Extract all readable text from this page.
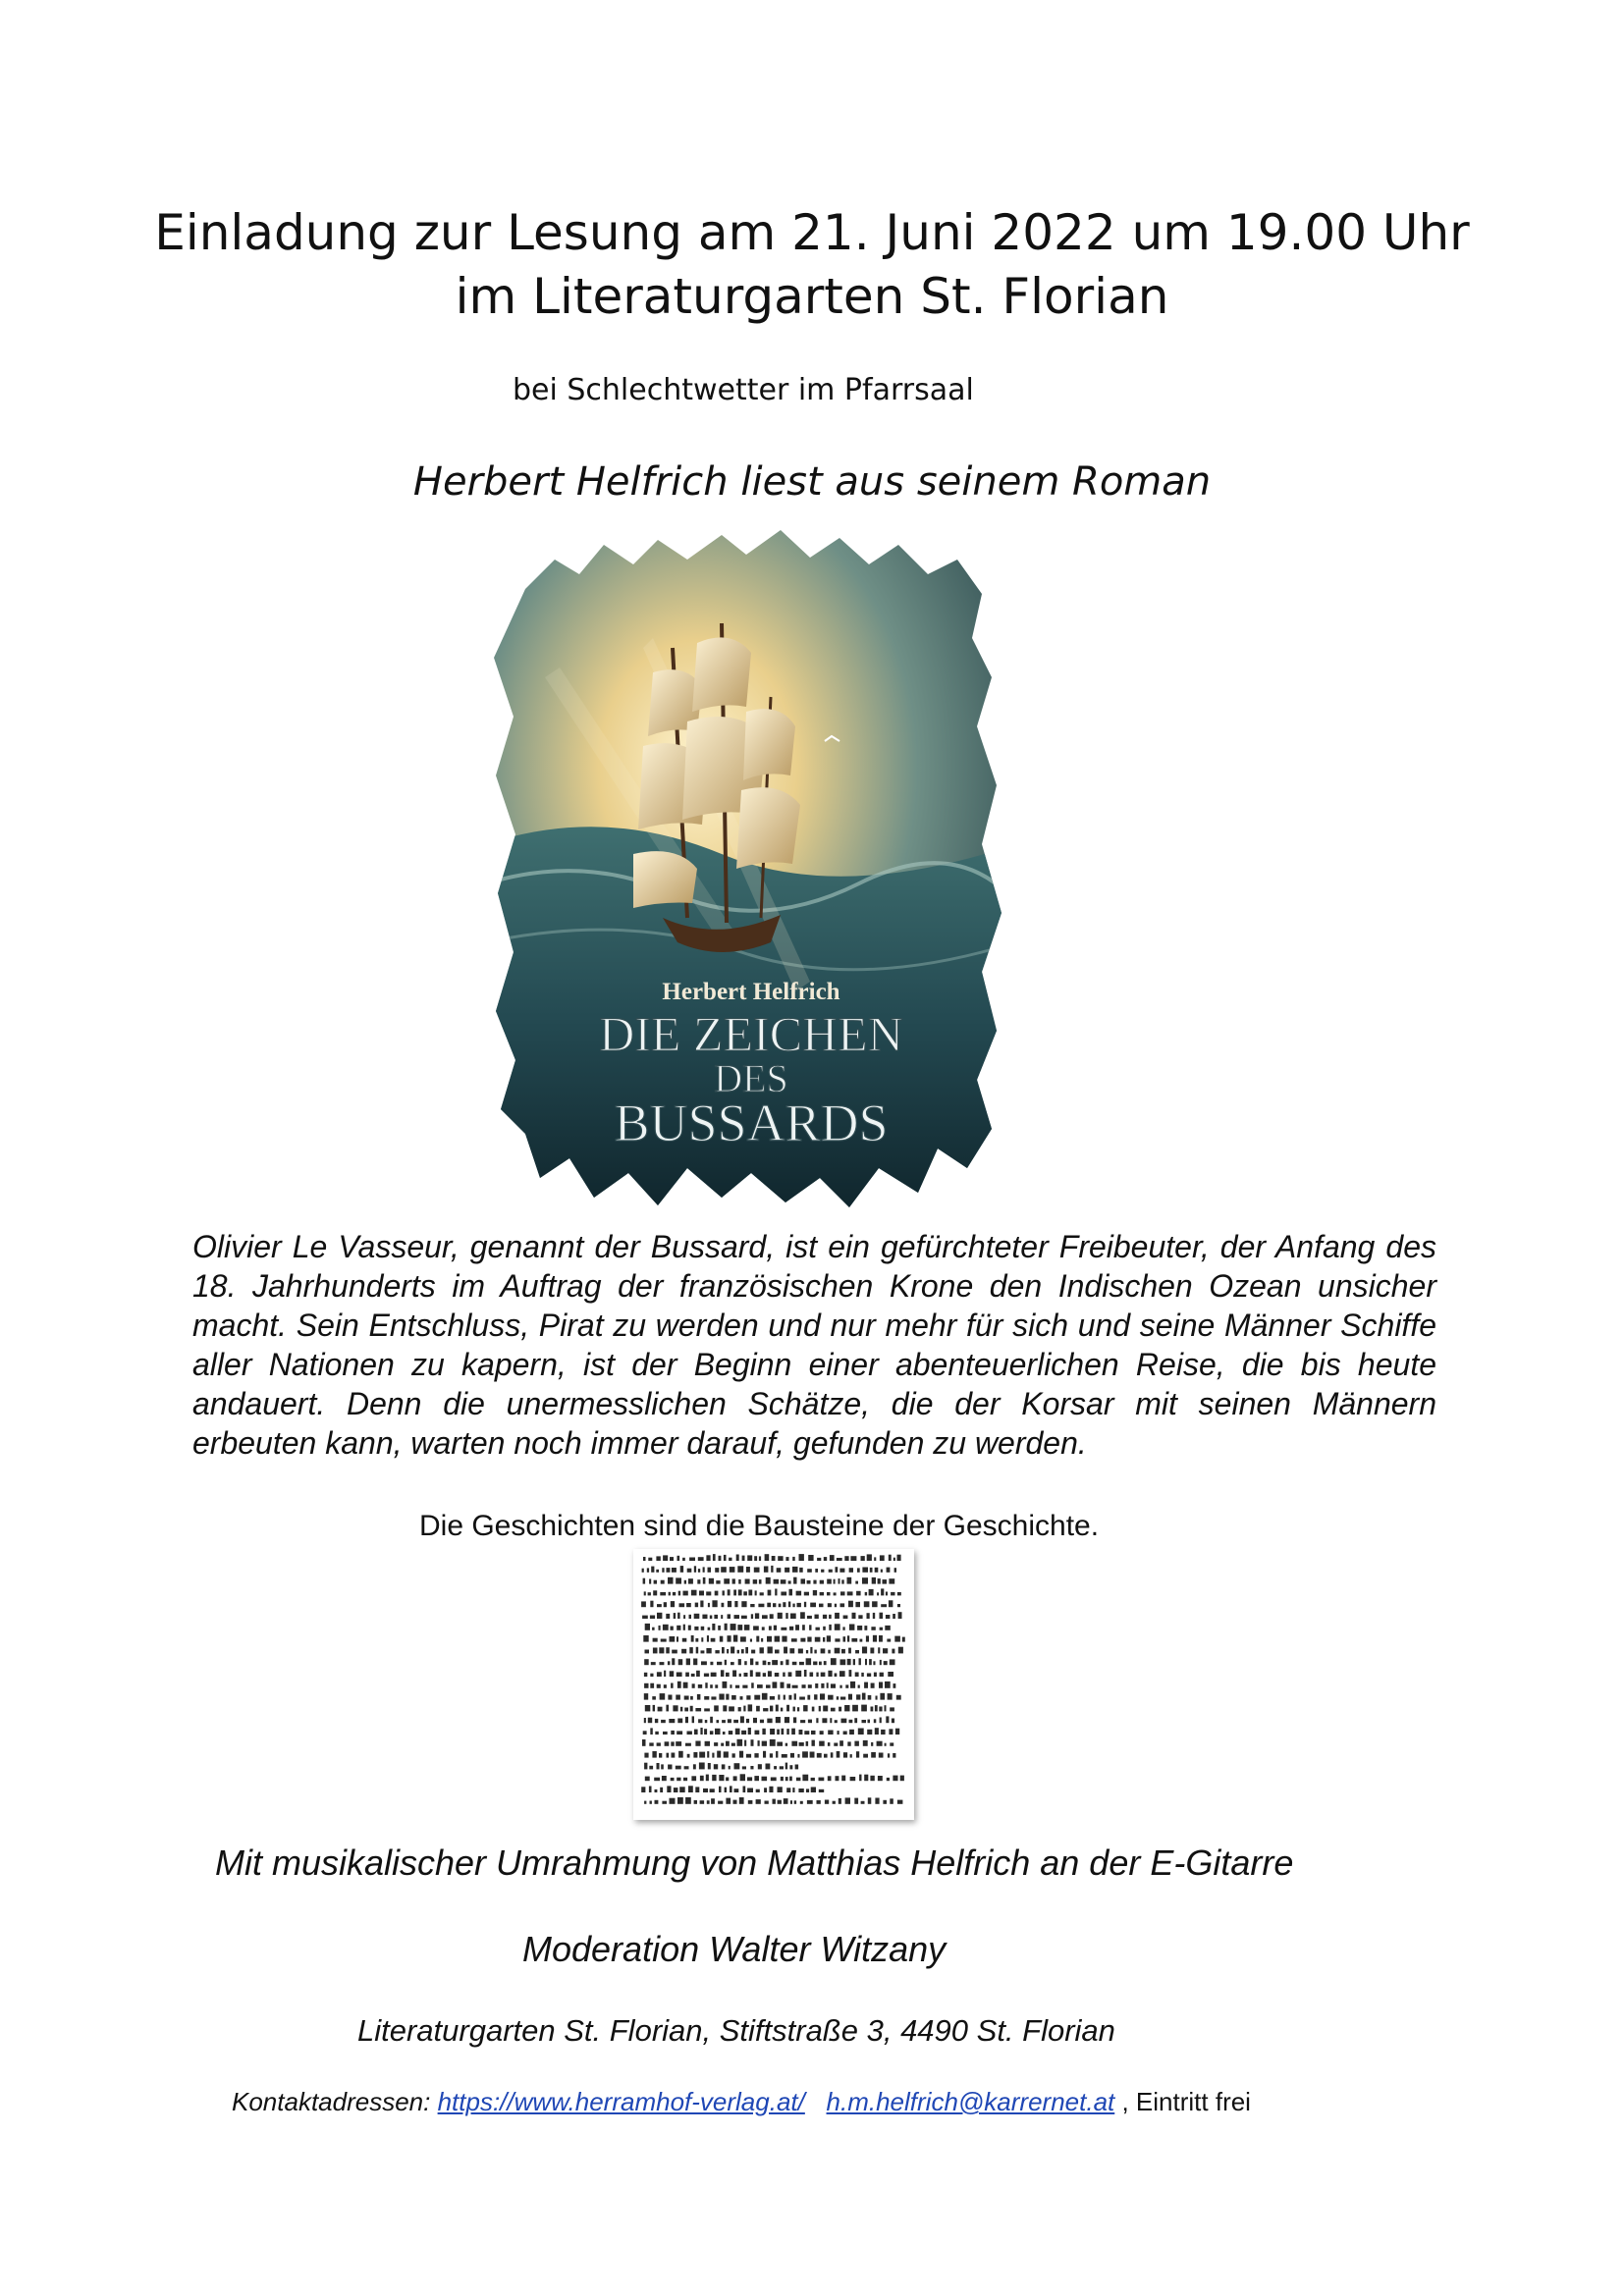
Einladung zur Lesung am 21. Juni 2022 um 19.00 Uhr
im Literaturgarten St. Florian
bei Schlechtwetter im Pfarrsaal
Herbert Helfrich liest aus seinem Roman
Herbert Helfrich
DIE ZEICHEN
DES
BUSSARDS
Olivier Le Vasseur, genannt der Bussard, ist ein gefürchteter Freibeuter, der Anfang des 18. Jahrhunderts im Auftrag der französischen Krone den Indischen Ozean unsicher macht. Sein Entschluss, Pirat zu werden und nur mehr für sich und seine Männer Schiffe aller Nationen zu kapern, ist der Beginn einer abenteuerlichen Reise, die bis heute andauert. Denn die unermesslichen Schätze, die der Korsar mit seinen Männern erbeuten kann, warten noch immer darauf, gefunden zu werden.
Die Geschichten sind die Bausteine der Geschichte.
Mit musikalischer Umrahmung von Matthias Helfrich an der E-Gitarre
Moderation Walter Witzany
Literaturgarten St. Florian, Stiftstraße 3, 4490 St. Florian
Kontaktadressen: https://www.herramhof-verlag.at/ h.m.helfrich@karrernet.at , Eintritt frei
